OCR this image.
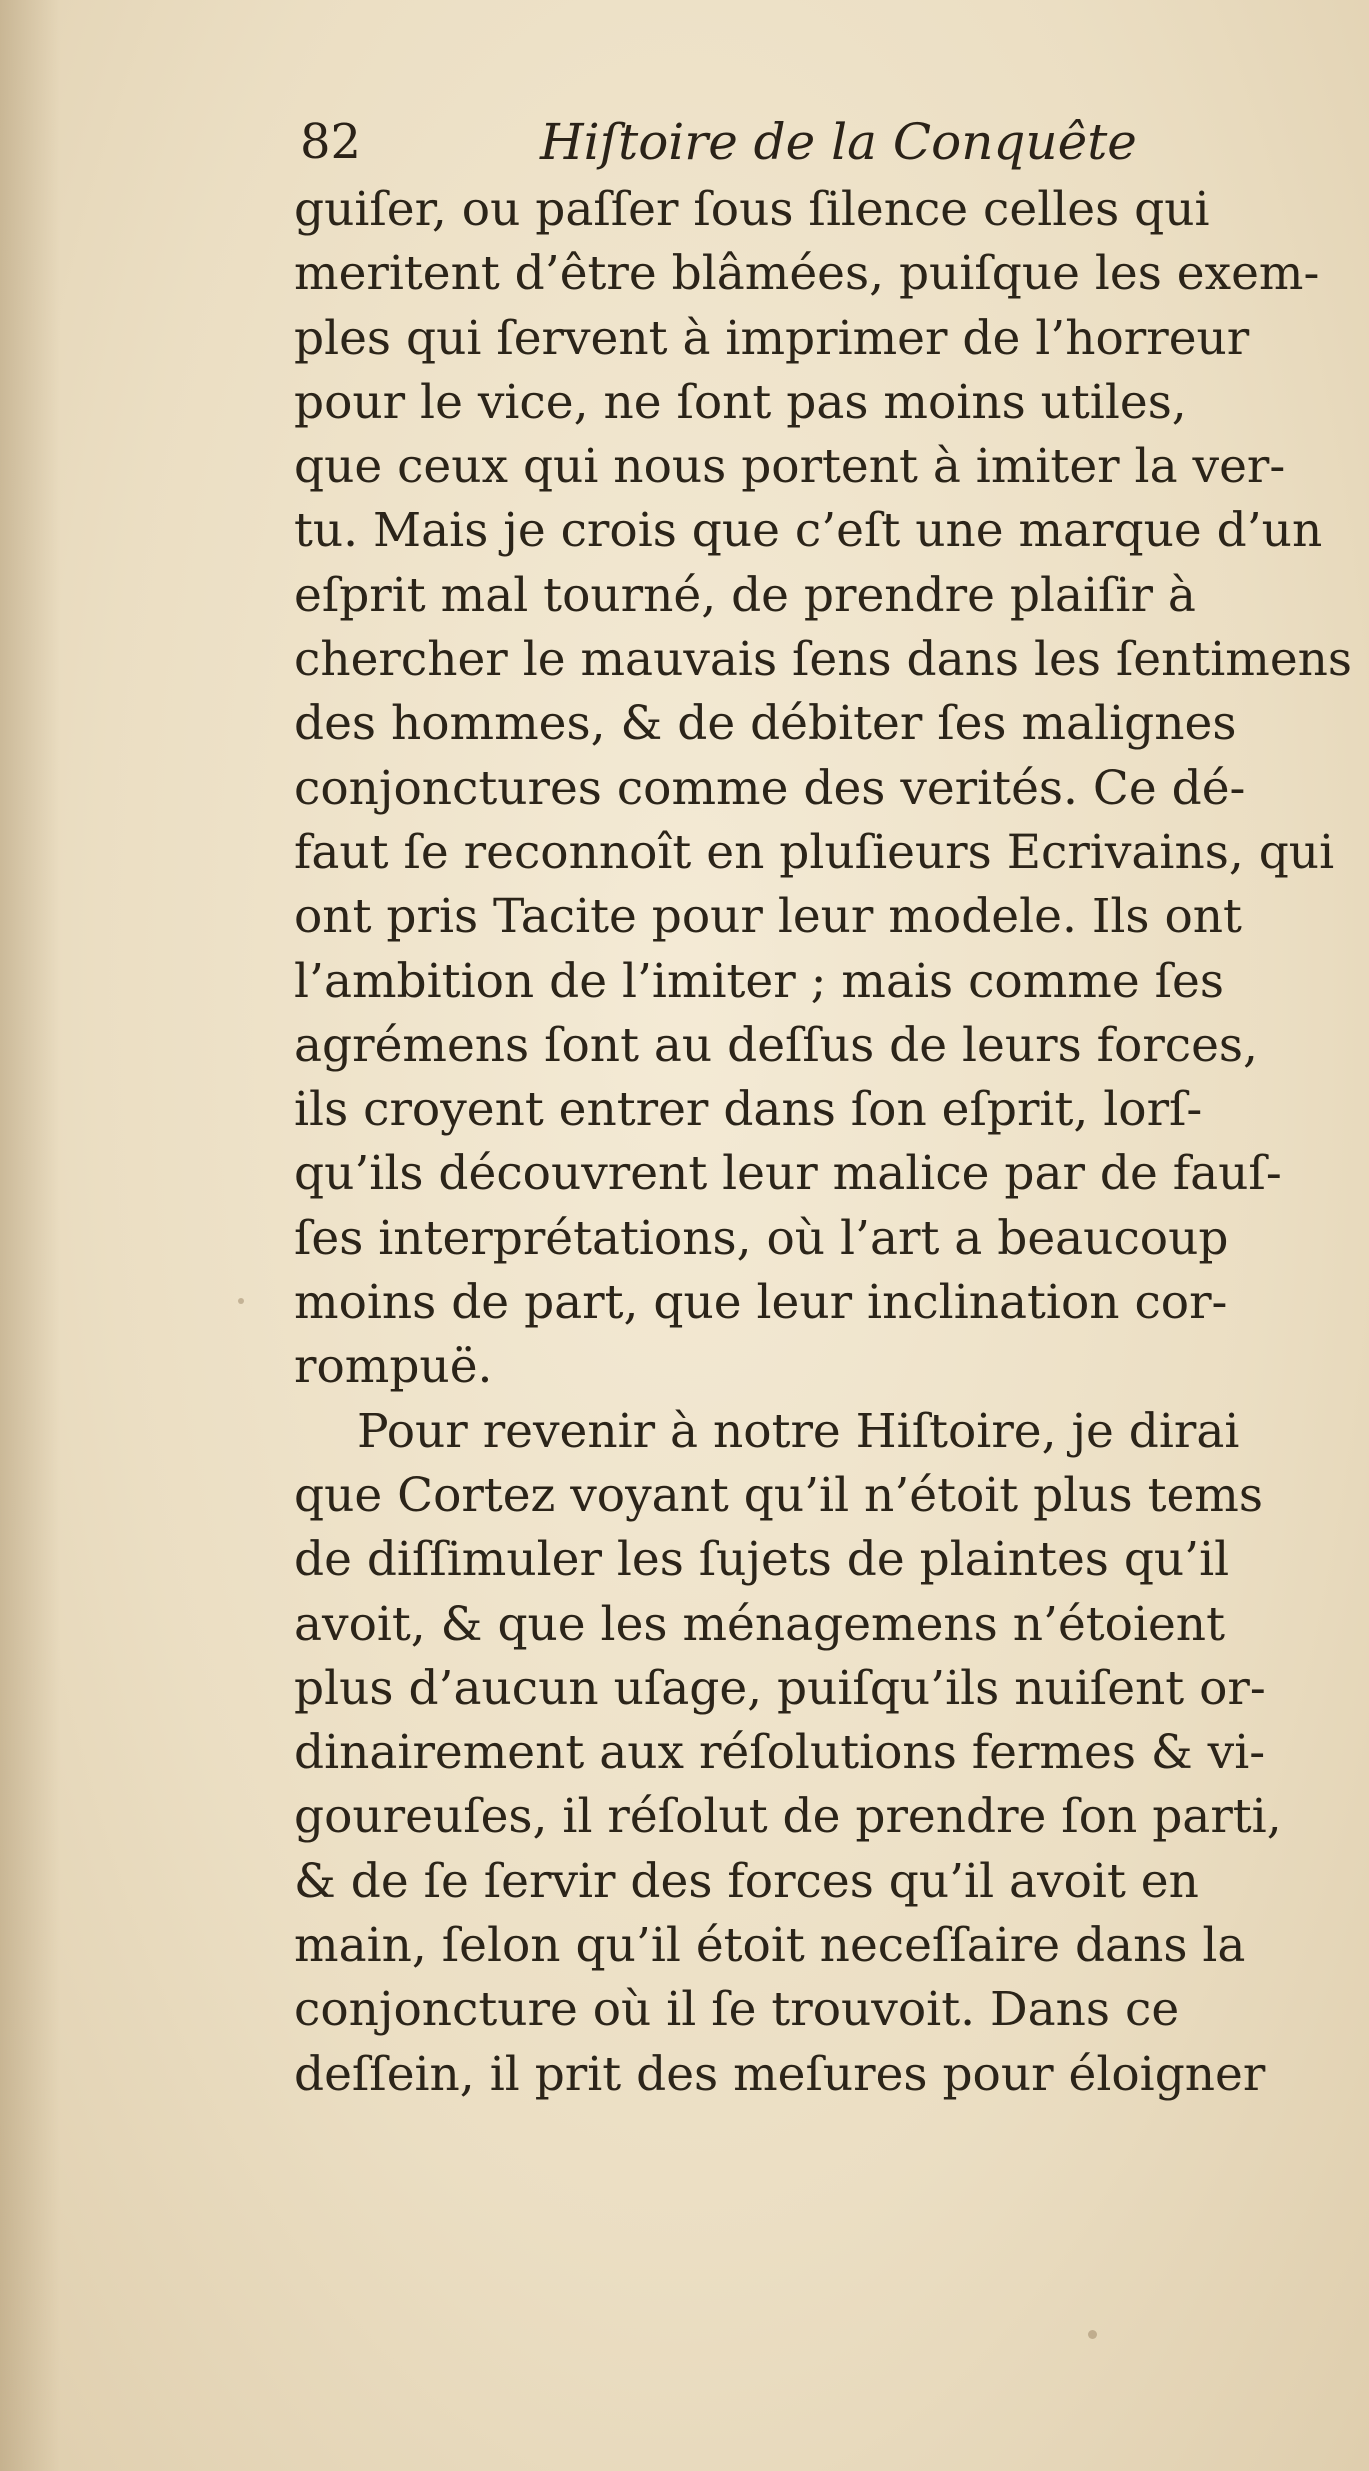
82	Hiſtoire de la Conquête
guiſer, ou paſſer ſous ſilence celles qui
meritent d’être blâmées, puiſque les exem-
ples qui ſervent à imprimer de l’horreur
pour le vice, ne ſont pas moins utiles,
que ceux qui nous portent à imiter la ver-
tu. Mais je crois que c’eſt une marque d’un
eſprit mal tourné, de prendre plaiſir à
chercher le mauvais ſens dans les ſentimens
des hommes, & de débiter ſes malignes
conjonctures comme des verités. Ce dé-
faut ſe reconnoît en pluſieurs Ecrivains, qui
ont pris Tacite pour leur modele. Ils ont
l’ambition de l’imiter ; mais comme ſes
agrémens ſont au deſſus de leurs forces,
ils croyent entrer dans ſon eſprit, lorſ-
qu’ils découvrent leur malice par de fauſ-
ſes interprétations, où l’art a beaucoup
moins de part, que leur inclination cor-
rompuë.
Pour revenir à notre Hiſtoire, je dirai
que Cortez voyant qu’il n’étoit plus tems
de diſſimuler les ſujets de plaintes qu’il
avoit, & que les ménagemens n’étoient
plus d’aucun uſage, puiſqu’ils nuiſent or-
dinairement aux réſolutions fermes & vi-
goureuſes, il réſolut de prendre ſon parti,
& de ſe ſervir des forces qu’il avoit en
main, ſelon qu’il étoit neceſſaire dans la
conjoncture où il ſe trouvoit. Dans ce
deſſein, il prit des meſures pour éloigner
